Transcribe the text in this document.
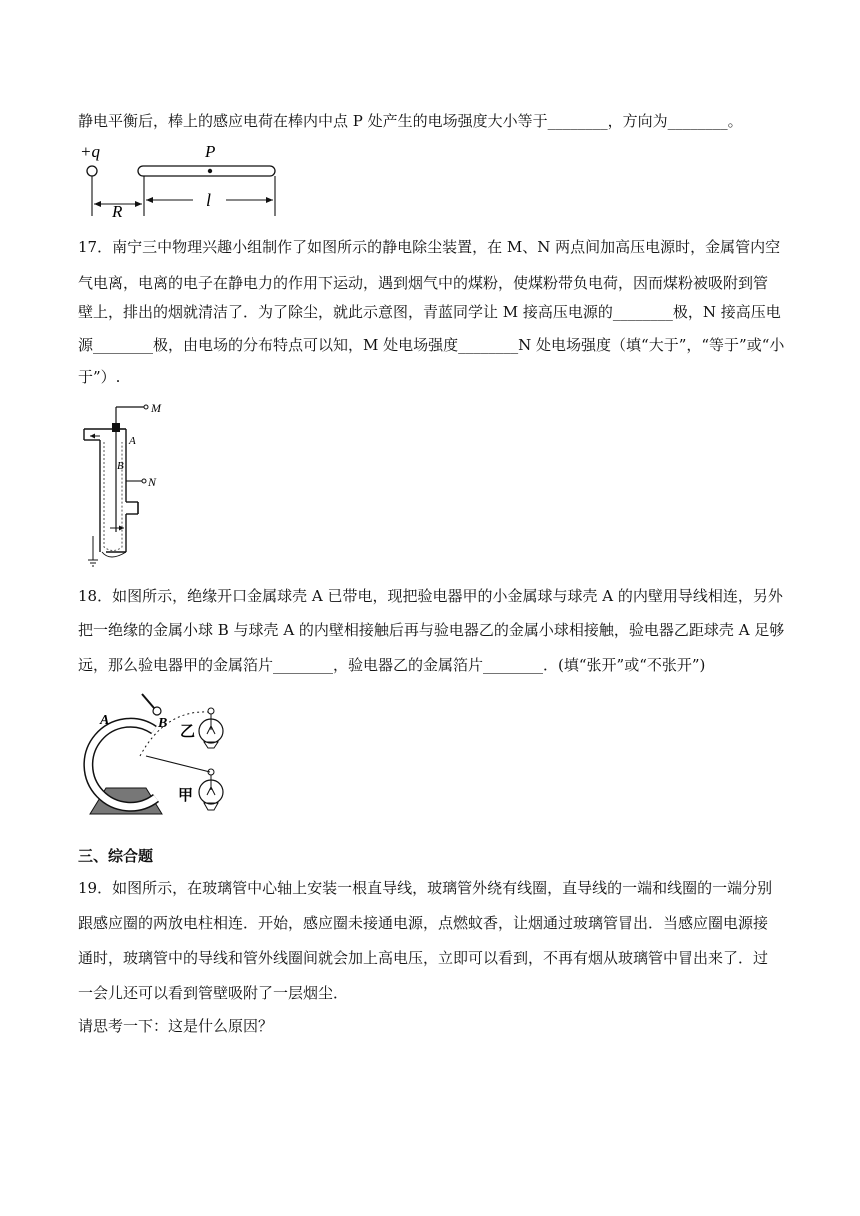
静电平衡后，棒上的感应电荷在棒内中点 P 处产生的电场强度大小等于________，方向为________。
+q	P
R
l
17．南宁三中物理兴趣小组制作了如图所示的静电除尘装置，在 M、N 两点间加高压电源时，金属管内空
气电离，电离的电子在静电力的作用下运动，遇到烟气中的煤粉，使煤粉带负电荷，因而煤粉被吸附到管
壁上，排出的烟就清洁了．为了除尘，就此示意图，青蓝同学让 M 接高压电源的________极，N 接高压电
源________极，由电场的分布特点可以知，M 处电场强度________N 处电场强度（填“大于”，“等于”或“小
于”）.
M
A
B
N
18．如图所示，绝缘开口金属球壳 A 已带电，现把验电器甲的小金属球与球壳 A 的内壁用导线相连，另外
把一绝缘的金属小球 B 与球壳 A 的内壁相接触后再与验电器乙的金属小球相接触，验电器乙距球壳 A 足够
远，那么验电器甲的金属箔片________，验电器乙的金属箔片________．(填“张开”或“不张开”)
A	B
乙
甲
三、综合题
19．如图所示，在玻璃管中心轴上安装一根直导线，玻璃管外绕有线圈，直导线的一端和线圈的一端分别
跟感应圈的两放电柱相连．开始，感应圈未接通电源，点燃蚊香，让烟通过玻璃管冒出．当感应圈电源接
通时，玻璃管中的导线和管外线圈间就会加上高电压，立即可以看到，不再有烟从玻璃管中冒出来了．过
一会儿还可以看到管壁吸附了一层烟尘．
请思考一下：这是什么原因？
